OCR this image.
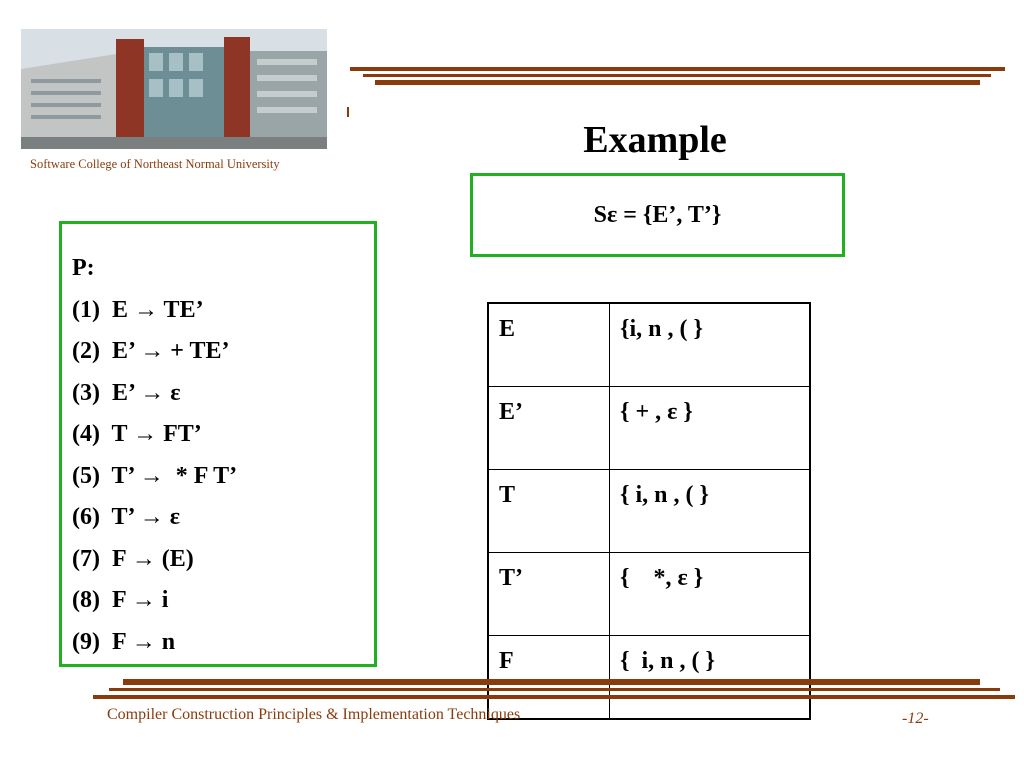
Software College of Northeast Normal University
Example
Sε = {E’, T’}
P:
(1)  E → TE’
(2)  E’ → + TE’
(3)  E’ → ε
(4)  T → FT’
(5)  T’ →  * F T’
(6)  T’ → ε
(7)  F → (E)
(8)  F → i
(9)  F → n
E	{i, n , ( }
E’	{ + , ε }
T	{ i, n , ( }
T’	{    *, ε }
F	{  i, n , ( }
Compiler Construction Principles & Implementation Techniques	-12-
